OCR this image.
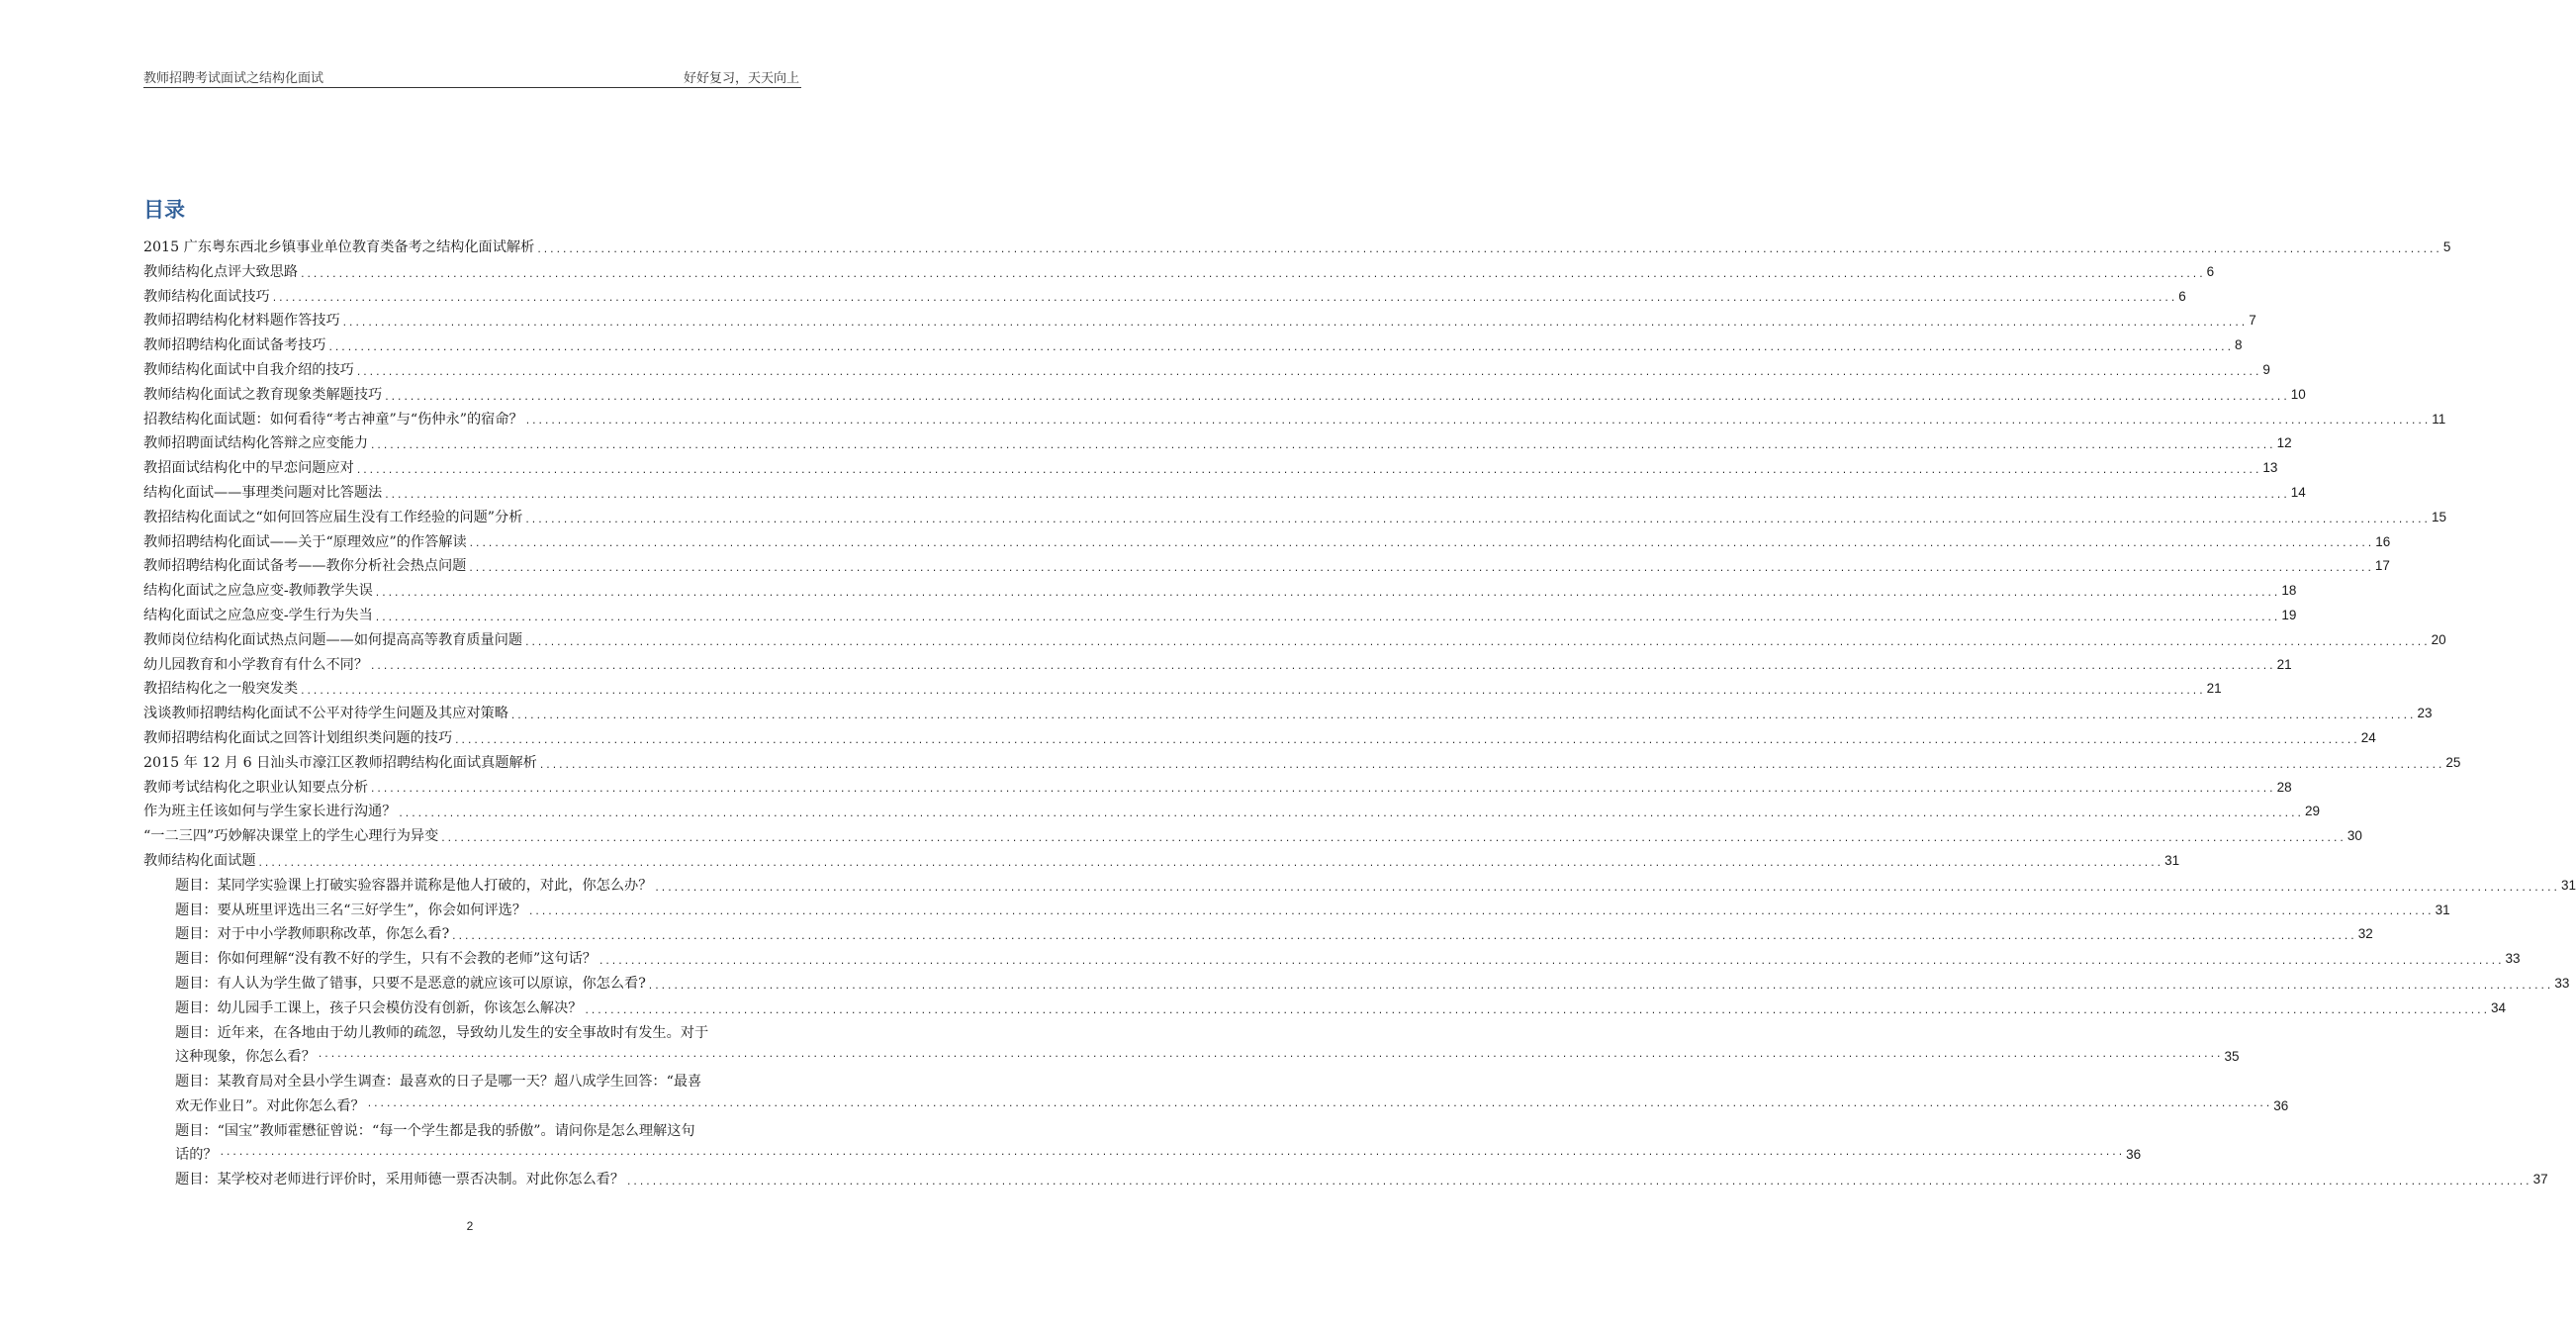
教师招聘考试面试之结构化面试	好好复习，天天向上
目录
2015 广东粤东西北乡镇事业单位教育类备考之结构化面试解析 ............................................................................................................................................................................................................................................................................................................ 5
教师结构化点评大致思路 ............................................................................................................................................................................................................................................................................................................ 6
教师结构化面试技巧 ............................................................................................................................................................................................................................................................................................................ 6
教师招聘结构化材料题作答技巧 ............................................................................................................................................................................................................................................................................................................ 7
教师招聘结构化面试备考技巧 ............................................................................................................................................................................................................................................................................................................ 8
教师结构化面试中自我介绍的技巧 ............................................................................................................................................................................................................................................................................................................ 9
教师结构化面试之教育现象类解题技巧 ............................................................................................................................................................................................................................................................................................................ 10
招教结构化面试题：如何看待“考古神童”与“伤仲永”的宿命？ ............................................................................................................................................................................................................................................................................................................ 11
教师招聘面试结构化答辩之应变能力 ............................................................................................................................................................................................................................................................................................................ 12
教招面试结构化中的早恋问题应对 ............................................................................................................................................................................................................................................................................................................ 13
结构化面试——事理类问题对比答题法 ............................................................................................................................................................................................................................................................................................................ 14
教招结构化面试之“如何回答应届生没有工作经验的问题”分析 ............................................................................................................................................................................................................................................................................................................ 15
教师招聘结构化面试——关于“原理效应”的作答解读 ............................................................................................................................................................................................................................................................................................................ 16
教师招聘结构化面试备考——教你分析社会热点问题 ............................................................................................................................................................................................................................................................................................................ 17
结构化面试之应急应变-教师教学失误 ............................................................................................................................................................................................................................................................................................................ 18
结构化面试之应急应变-学生行为失当 ............................................................................................................................................................................................................................................................................................................ 19
教师岗位结构化面试热点问题——如何提高高等教育质量问题 ............................................................................................................................................................................................................................................................................................................ 20
幼儿园教育和小学教育有什么不同？ ............................................................................................................................................................................................................................................................................................................ 21
教招结构化之一般突发类 ............................................................................................................................................................................................................................................................................................................ 21
浅谈教师招聘结构化面试不公平对待学生问题及其应对策略 ............................................................................................................................................................................................................................................................................................................ 23
教师招聘结构化面试之回答计划组织类问题的技巧 ............................................................................................................................................................................................................................................................................................................ 24
2015 年 12 月 6 日汕头市濠江区教师招聘结构化面试真题解析 ............................................................................................................................................................................................................................................................................................................ 25
教师考试结构化之职业认知要点分析 ............................................................................................................................................................................................................................................................................................................ 28
作为班主任该如何与学生家长进行沟通？ ............................................................................................................................................................................................................................................................................................................ 29
“一二三四”巧妙解决课堂上的学生心理行为异变 ............................................................................................................................................................................................................................................................................................................ 30
教师结构化面试题 ............................................................................................................................................................................................................................................................................................................ 31
题目：某同学实验课上打破实验容器并谎称是他人打破的，对此，你怎么办？ ............................................................................................................................................................................................................................................................................................................ 31
题目：要从班里评选出三名“三好学生”，你会如何评选？ ............................................................................................................................................................................................................................................................................................................ 31
题目：对于中小学教师职称改革，你怎么看? ............................................................................................................................................................................................................................................................................................................ 32
题目：你如何理解“没有教不好的学生，只有不会教的老师”这句话？ ............................................................................................................................................................................................................................................................................................................ 33
题目：有人认为学生做了错事，只要不是恶意的就应该可以原谅，你怎么看? ............................................................................................................................................................................................................................................................................................................ 33
题目：幼儿园手工课上，孩子只会模仿没有创新，你该怎么解决？ ............................................................................................................................................................................................................................................................................................................ 34
题目：近年来，在各地由于幼儿教师的疏忽，导致幼儿发生的安全事故时有发生。对于
这种现象，你怎么看？ ............................................................................................................................................................................................................................................................................................................ 35
题目：某教育局对全县小学生调查：最喜欢的日子是哪一天？超八成学生回答：“最喜
欢无作业日”。对此你怎么看？ ............................................................................................................................................................................................................................................................................................................ 36
题目：“国宝”教师霍懋征曾说：“每一个学生都是我的骄傲”。请问你是怎么理解这句
话的？ ............................................................................................................................................................................................................................................................................................................ 36
题目：某学校对老师进行评价时，采用师德一票否决制。对此你怎么看？ ............................................................................................................................................................................................................................................................................................................ 37
2
